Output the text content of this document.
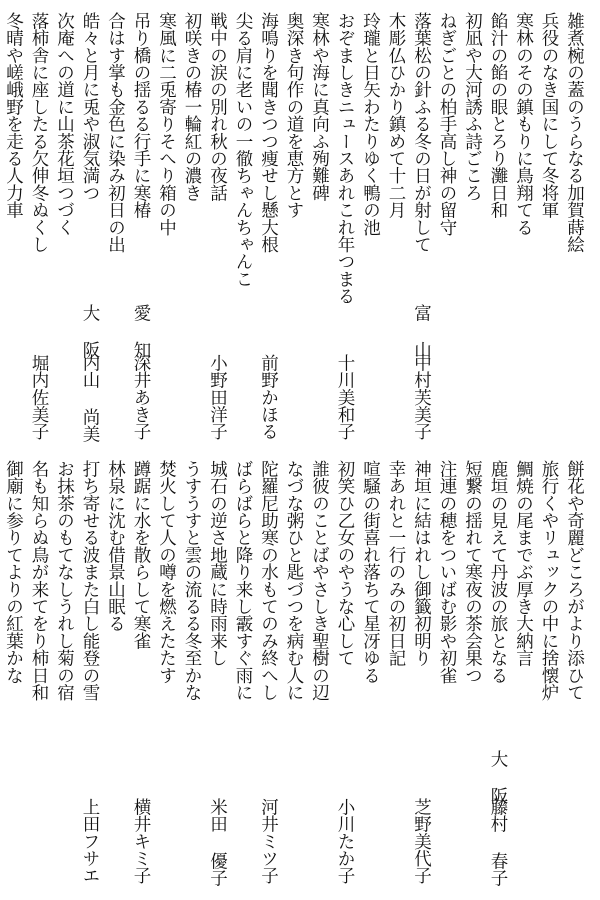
雑煮椀の蓋のうらなる加賀蒔絵
兵役のなき国にして冬将軍
寒林のその鎮もりに鳥翔てる
餡汁の餡の眼とろり灘日和
初凪や大河誘ふ詩ごころ
ねぎごとの柏手高し神の留守
落葉松の針ふる冬の日が射して
富 山
中村芙美子
木彫仏ひかり鎮めて十二月
玲瓏と日矢わたりゆく鴨の池
おぞましきニュースあれこれ年つまる
十川美和子
寒林や海に真向ふ殉難碑
奥深き句作の道を恵方とす
海鳴りを聞きつつ痩せし懸大根
前野かほる
尖る肩に老いの一徹ちゃんちゃんこ
戦中の涙の別れ秋の夜話
小野田洋子
初咲きの椿一輪紅の濃き
寒風に二兎寄りそへり箱の中
吊り橋の揺るる行手に寒椿
愛 知
深井あき子
合はす掌も金色に染み初日の出
皓々と月に兎や淑気満つ
大 阪
内山 尚美
次庵への道に山茶花垣つづく
落柿舎に座したる欠伸冬ぬくし
堀内佐美子
冬晴や嵯峨野を走る人力車
餅花や奇麗どころがより添ひて
旅行くやリュックの中に捨懐炉
鯛焼の尾までぶ厚き大納言
鹿垣の見えて丹波の旅となる
大 阪
藤村 春子
短繋の揺れて寒夜の茶会果つ
注連の穂をついばむ影や初雀
神垣に結はれし御籤初明り
芝野美代子
幸あれと一行のみの初日記
喧騒の街喜れ落ちて星冴ゆる
初笑ひ乙女のやうな心して
小川たか子
誰彼のことばやさしき聖樹の辺
なづな粥ひと匙づつを病む人に
陀羅尼助寒の水もてのみ終へし
河井ミツ子
ばらばらと降り来し霰すぐ雨に
城石の逆さ地蔵に時雨来し
米田 優子
うすうすと雲の流るる冬至かな
焚火して人の噂を燃えたたす
蹲踞に水を散らして寒雀
横井キミ子
林泉に沈む借景山眠る
打ち寄せる波また白し能登の雪
上田フサエ
お抹茶のもてなしうれし菊の宿
名も知らぬ鳥が来てをり柿日和
御廟に参りてよりの紅葉かな
